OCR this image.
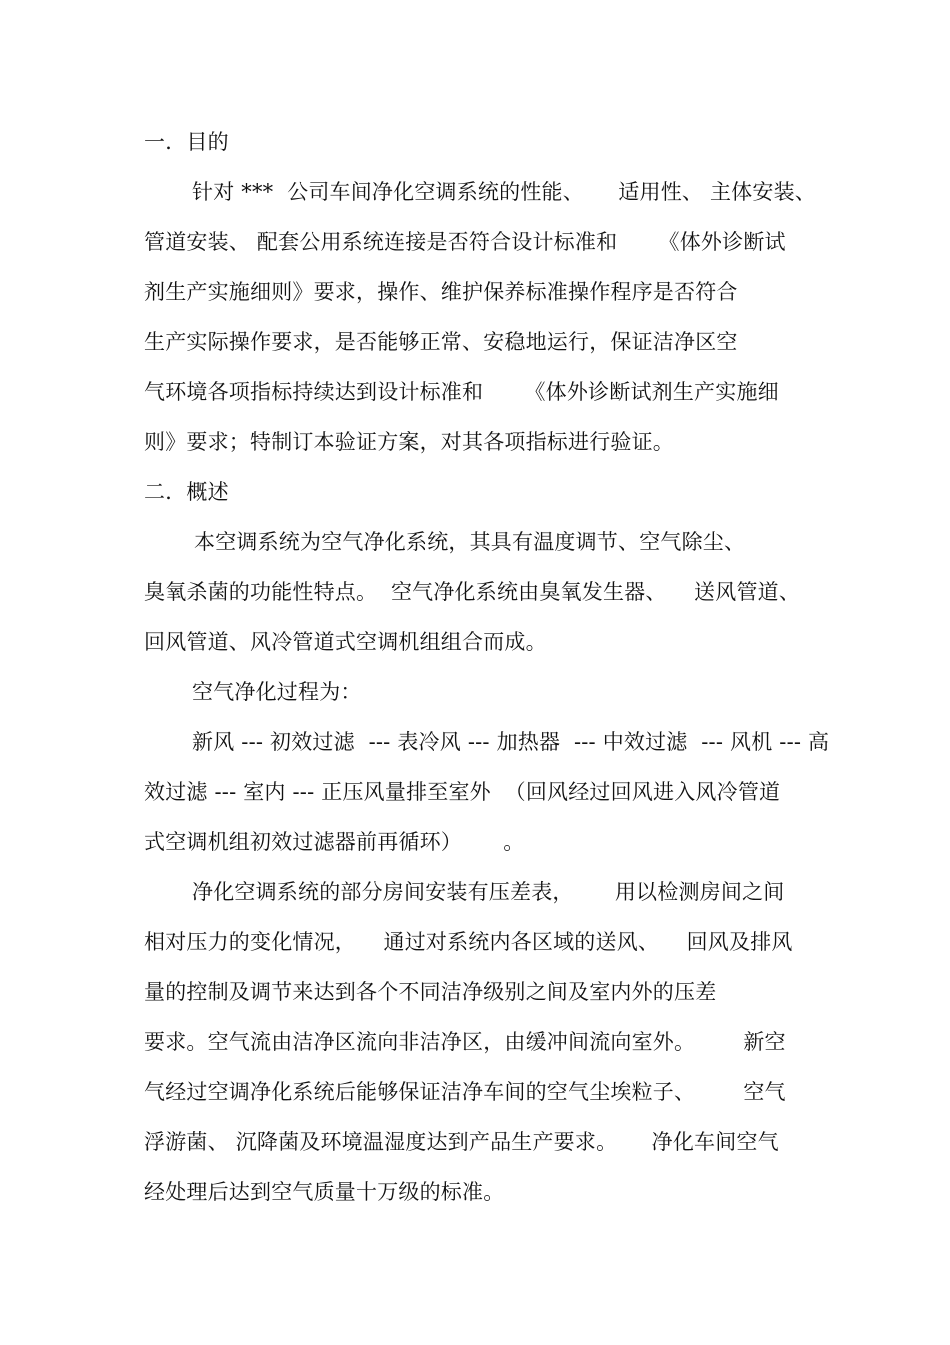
一．目的
针对 ***  公司车间净化空调系统的性能、     适用性、 主体安装、
管道安装、 配套公用系统连接是否符合设计标准和      《体外诊断试
剂生产实施细则》要求，操作、维护保养标准操作程序是否符合
生产实际操作要求，是否能够正常、安稳地运行，保证洁净区空
气环境各项指标持续达到设计标准和      《体外诊断试剂生产实施细
则》要求；特制订本验证方案，对其各项指标进行验证。
二．概述
本空调系统为空气净化系统，其具有温度调节、空气除尘、
臭氧杀菌的功能性特点。  空气净化系统由臭氧发生器、    送风管道、
回风管道、风冷管道式空调机组组合而成。
空气净化过程为：
新风 --- 初效过滤  --- 表冷风 --- 加热器  --- 中效过滤  --- 风机 --- 高
效过滤 --- 室内 --- 正压风量排至室外  （回风经过回风进入风冷管道
式空调机组初效过滤器前再循环）      。
净化空调系统的部分房间安装有压差表，      用以检测房间之间
相对压力的变化情况，    通过对系统内各区域的送风、    回风及排风
量的控制及调节来达到各个不同洁净级别之间及室内外的压差
要求。空气流由洁净区流向非洁净区，由缓冲间流向室外。       新空
气经过空调净化系统后能够保证洁净车间的空气尘埃粒子、       空气
浮游菌、 沉降菌及环境温湿度达到产品生产要求。     净化车间空气
经处理后达到空气质量十万级的标准。
